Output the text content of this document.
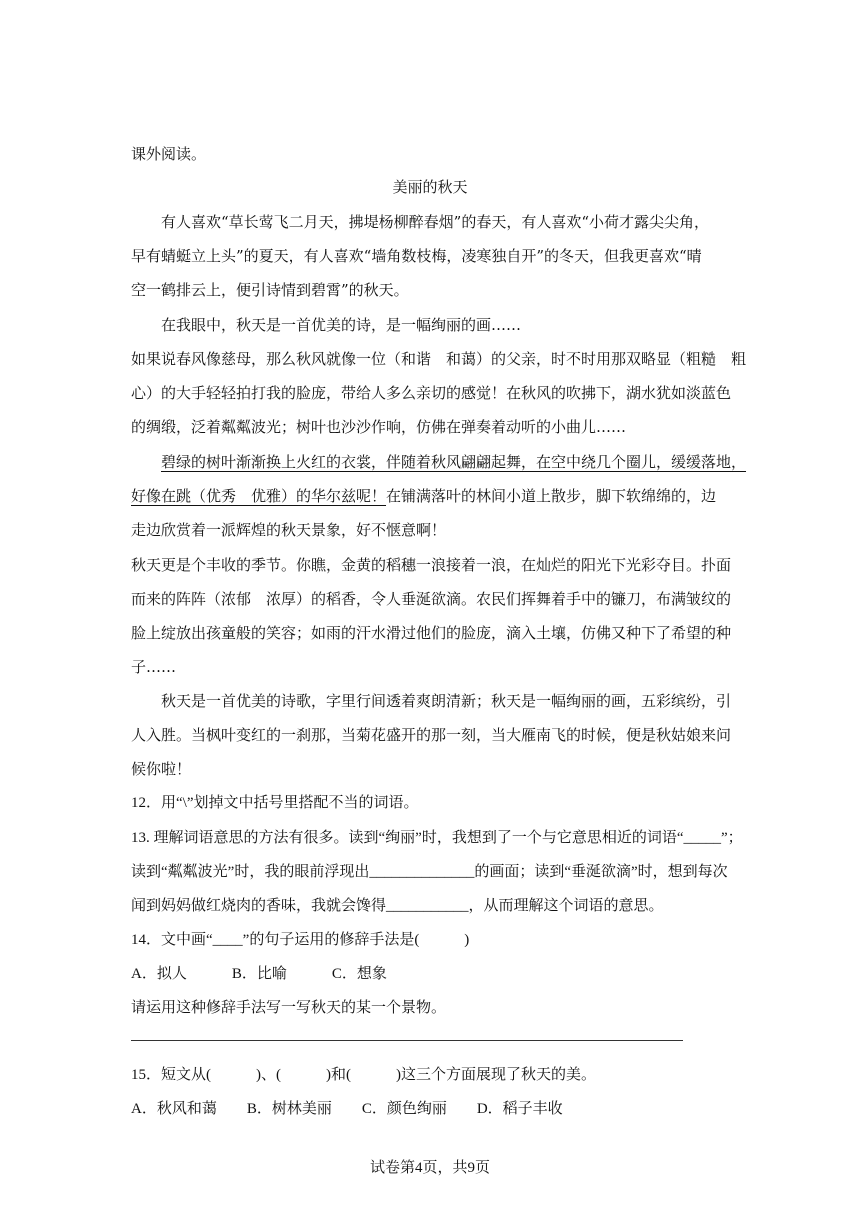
课外阅读。
美丽的秋天
　　有人喜欢“草长莺飞二月天，拂堤杨柳醉春烟”的春天，有人喜欢“小荷才露尖尖角，
早有蜻蜓立上头”的夏天，有人喜欢“墙角数枝梅，凌寒独自开”的冬天，但我更喜欢“晴
空一鹤排云上，便引诗情到碧霄”的秋天。
　　在我眼中，秋天是一首优美的诗，是一幅绚丽的画……
如果说春风像慈母，那么秋风就像一位（和谐　和蔼）的父亲，时不时用那双略显（粗糙　粗
心）的大手轻轻拍打我的脸庞，带给人多么亲切的感觉！在秋风的吹拂下，湖水犹如淡蓝色
的绸缎，泛着粼粼波光；树叶也沙沙作响，仿佛在弹奏着动听的小曲儿……
碧绿的树叶渐渐换上火红的衣裳，伴随着秋风翩翩起舞，在空中绕几个圈儿，缓缓落地，
好像在跳（优秀　优雅）的华尔兹呢！在铺满落叶的林间小道上散步，脚下软绵绵的，边
走边欣赏着一派辉煌的秋天景象，好不惬意啊！
秋天更是个丰收的季节。你瞧，金黄的稻穗一浪接着一浪，在灿烂的阳光下光彩夺目。扑面
而来的阵阵（浓郁　浓厚）的稻香，令人垂涎欲滴。农民们挥舞着手中的镰刀，布满皱纹的
脸上绽放出孩童般的笑容；如雨的汗水滑过他们的脸庞，滴入土壤，仿佛又种下了希望的种
子……
　　秋天是一首优美的诗歌，字里行间透着爽朗清新；秋天是一幅绚丽的画，五彩缤纷，引
人入胜。当枫叶变红的一刹那，当菊花盛开的那一刻，当大雁南飞的时候，便是秋姑娘来问
候你啦！
12．用“\”划掉文中括号里搭配不当的词语。
13. 理解词语意思的方法有很多。读到“绚丽”时，我想到了一个与它意思相近的词语“_____”；
读到“粼粼波光”时，我的眼前浮现出______________的画面；读到“垂涎欲滴”时，想到每次
闻到妈妈做红烧肉的香味，我就会馋得___________，从而理解这个词语的意思。
14．文中画“____”的句子运用的修辞手法是(　　　)
A．拟人　　　B．比喻　　　C．想象
请运用这种修辞手法写一写秋天的某一个景物。
15．短文从(　　　)、(　　　)和(　　　)这三个方面展现了秋天的美。
A．秋风和蔼　　B．树林美丽　　C．颜色绚丽　　D．稻子丰收
试卷第4页，共9页
